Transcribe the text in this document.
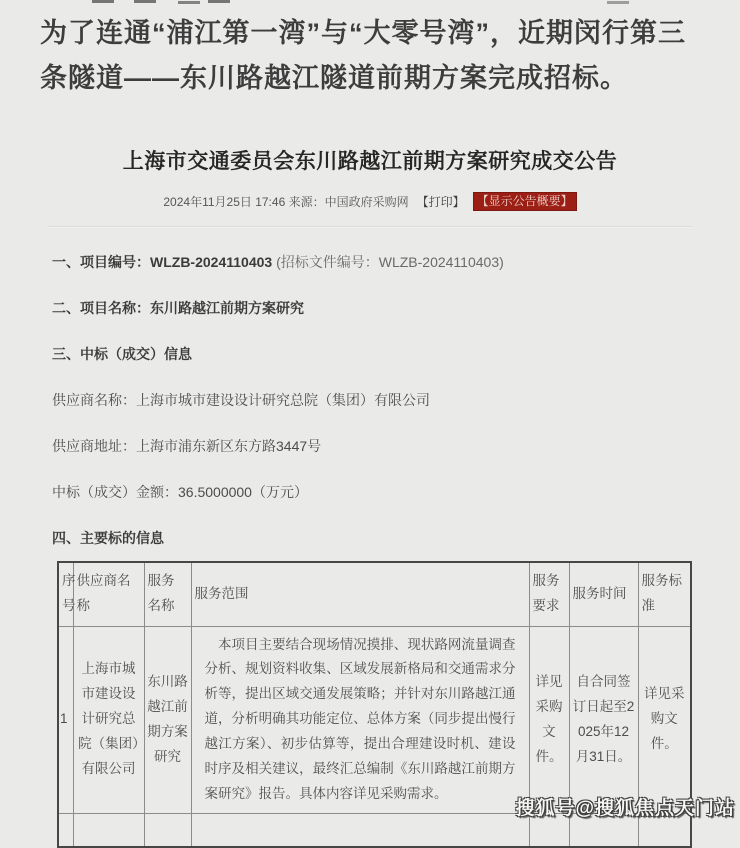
为了连通“浦江第一湾”与“大零号湾”，近期闵行第三条隧道——东川路越江隧道前期方案完成招标。
上海市交通委员会东川路越江前期方案研究成交公告
2024年11月25日 17:46 来源：中国政府采购网 【打印】	【显示公告概要】
一、项目编号：WLZB-2024110403 (招标文件编号：WLZB-2024110403)
二、项目名称：东川路越江前期方案研究
三、中标（成交）信息
供应商名称：上海市城市建设设计研究总院（集团）有限公司
供应商地址：上海市浦东新区东方路3447号
中标（成交）金额：36.5000000（万元）
四、主要标的信息
序号	供应商名称	服务名称	服务范围	服务要求	服务时间	服务标准
1	上海市城市建设设计研究总院（集团）有限公司	东川路越江前期方案研究	本项目主要结合现场情况摸排、现状路网流量调查分析、规划资料收集、区域发展新格局和交通需求分析等，提出区域交通发展策略；并针对东川路越江通道，分析明确其功能定位、总体方案（同步提出慢行越江方案）、初步估算等，提出合理建设时机、建设时序及相关建议，最终汇总编制《东川路越江前期方案研究》报告。具体内容详见采购需求。	详见采购文件。	自合同签订日起至2025年12月31日。	详见采购文件。

搜狐号@搜狐焦点天门站
